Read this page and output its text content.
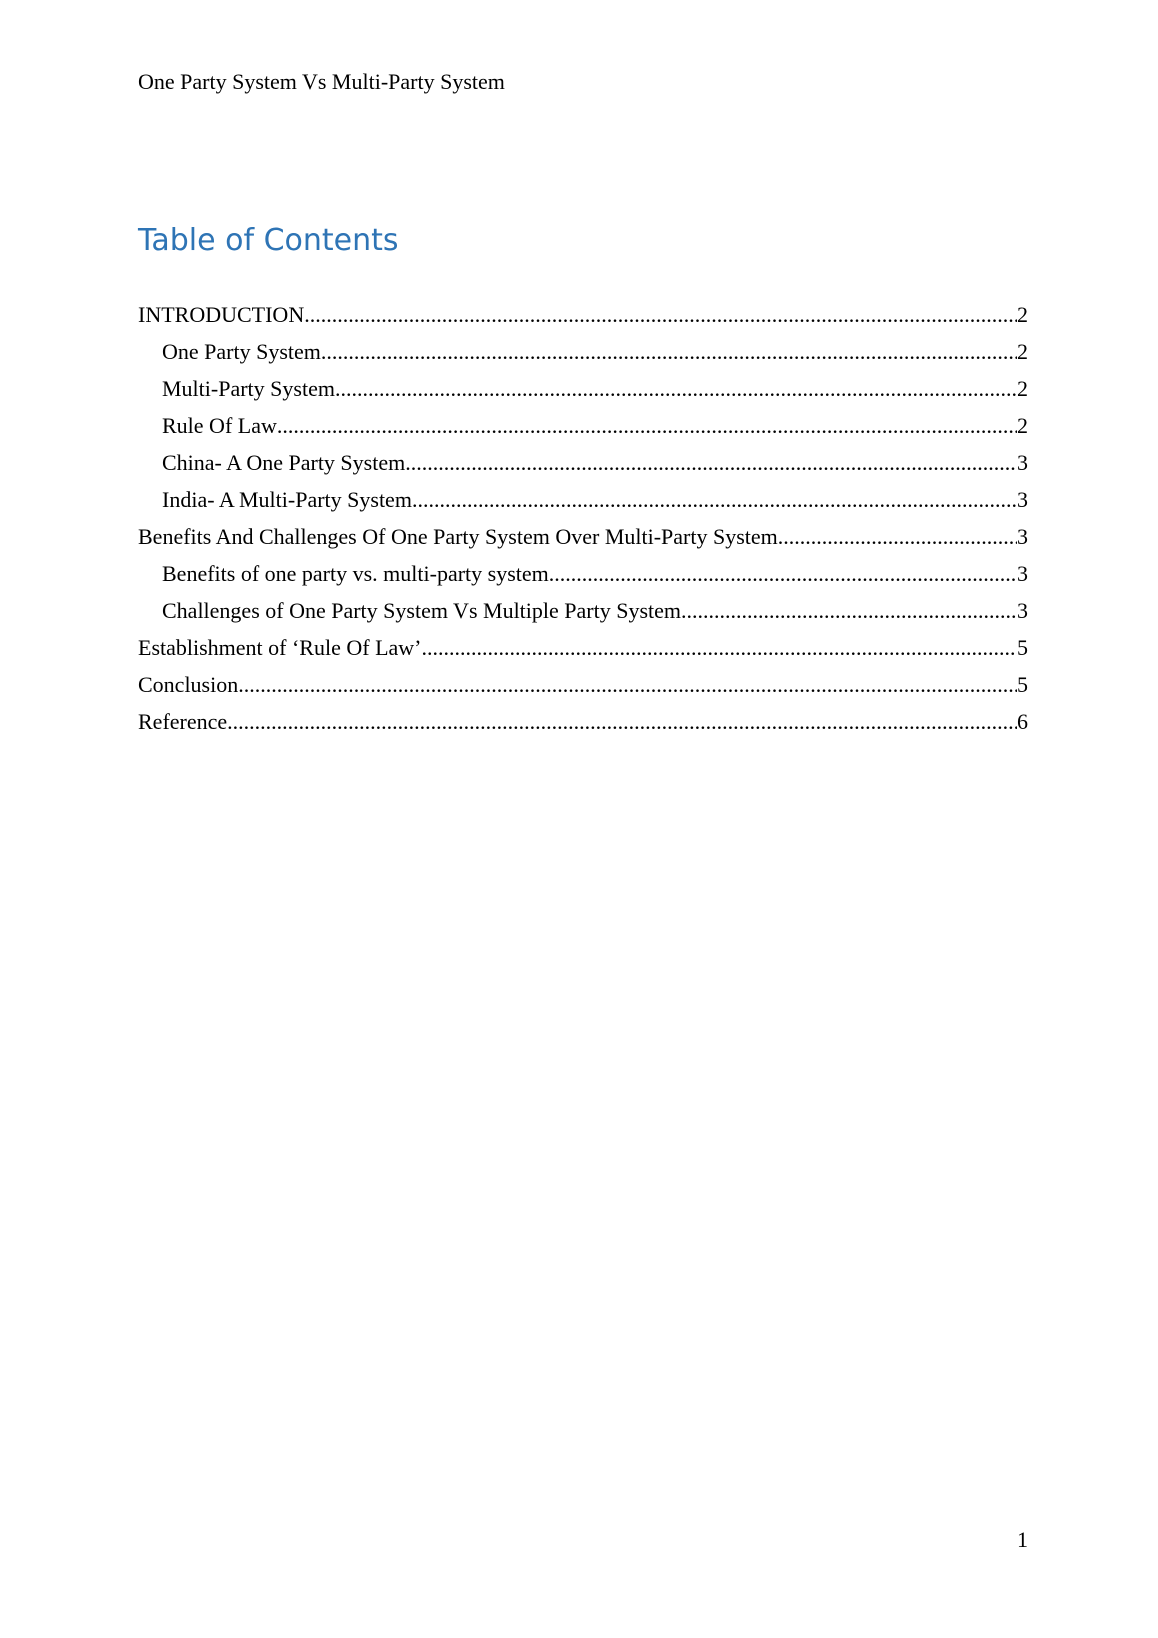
One Party System Vs Multi-Party System
Table of Contents
INTRODUCTION .....	2
One Party System .....	2
Multi-Party System .....	2
Rule Of Law .....	2
China- A One Party System .....	3
India- A Multi-Party System .....	3
Benefits And Challenges Of One Party System Over Multi-Party System .....	3
Benefits of one party vs. multi-party system .....	3
Challenges of One Party System Vs Multiple Party System .....	3
Establishment of ‘Rule Of Law’ .....	5
Conclusion .....	5
Reference .....	6
1
